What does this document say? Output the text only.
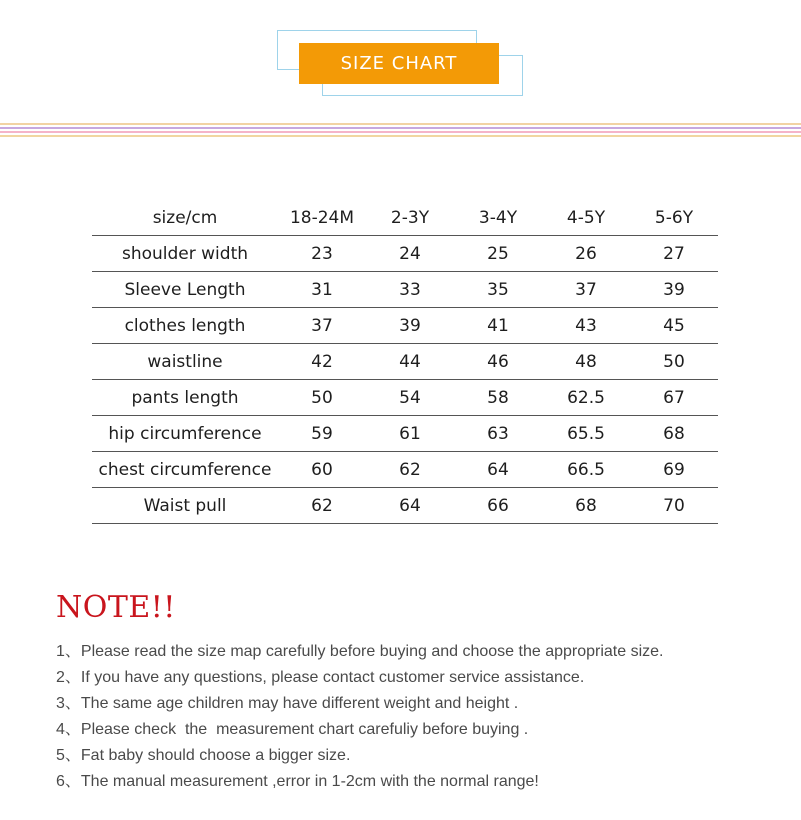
SIZE CHART
size/cm	18-24M	2-3Y	3-4Y	4-5Y	5-6Y
shoulder width	23	24	25	26	27
Sleeve Length	31	33	35	37	39
clothes length	37	39	41	43	45
waistline	42	44	46	48	50
pants length	50	54	58	62.5	67
hip circumference	59	61	63	65.5	68
chest circumference	60	62	64	66.5	69
Waist pull	62	64	66	68	70
NOTE!!
1、Please read the size map carefully before buying and choose the appropriate size.
2、If you have any questions, please contact customer service assistance.
3、The same age children may have different weight and height .
4、Please check  the  measurement chart carefuliy before buying .
5、Fat baby should choose a bigger size.
6、The manual measurement ,error in 1-2cm with the normal range!
